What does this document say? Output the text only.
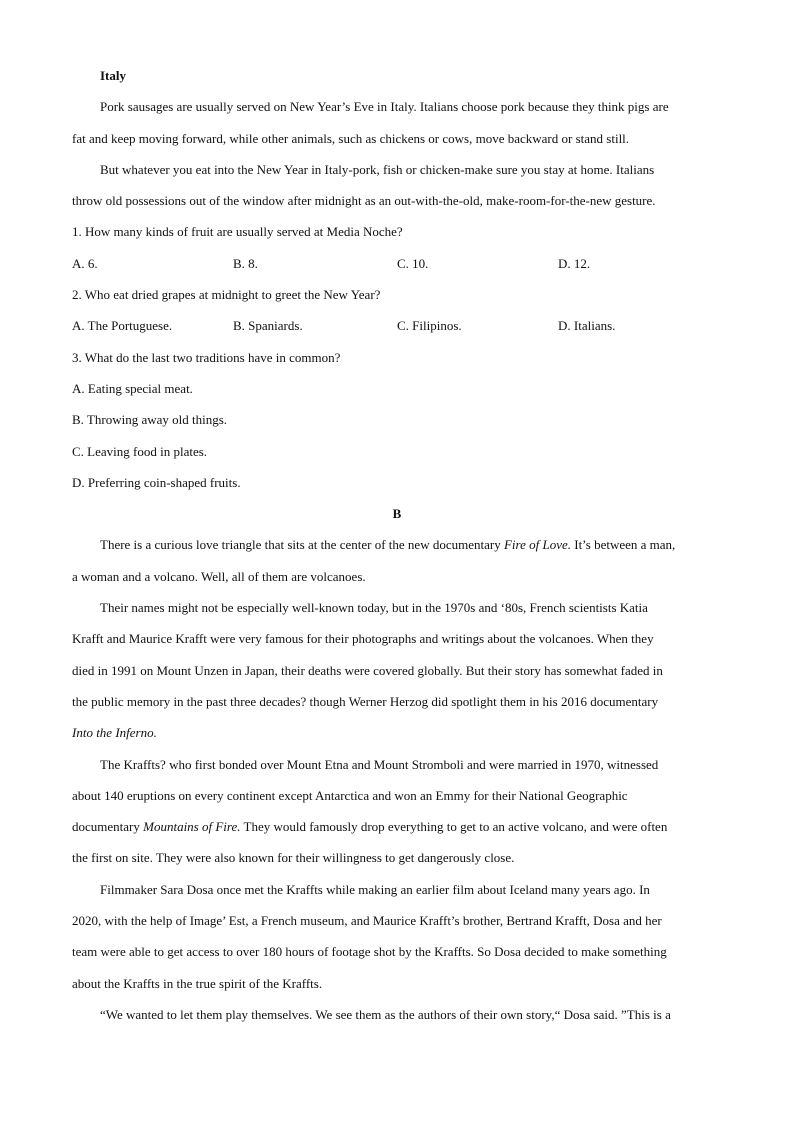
Italy
Pork sausages are usually served on New Year’s Eve in Italy. Italians choose pork because they think pigs are
fat and keep moving forward, while other animals, such as chickens or cows, move backward or stand still.
But whatever you eat into the New Year in Italy-pork, fish or chicken-make sure you stay at home. Italians
throw old possessions out of the window after midnight as an out-with-the-old, make-room-for-the-new gesture.
1. How many kinds of fruit are usually served at Media Noche?
A. 6.	B. 8.	C. 10.	D. 12.
2. Who eat dried grapes at midnight to greet the New Year?
A. The Portuguese.	B. Spaniards.	C. Filipinos.	D. Italians.
3. What do the last two traditions have in common?
A. Eating special meat.
B. Throwing away old things.
C. Leaving food in plates.
D. Preferring coin-shaped fruits.
B
There is a curious love triangle that sits at the center of the new documentary Fire of Love. It’s between a man,
a woman and a volcano. Well, all of them are volcanoes.
Their names might not be especially well-known today, but in the 1970s and ‘80s, French scientists Katia
Krafft and Maurice Krafft were very famous for their photographs and writings about the volcanoes. When they
died in 1991 on Mount Unzen in Japan, their deaths were covered globally. But their story has somewhat faded in
the public memory in the past three decades? though Werner Herzog did spotlight them in his 2016 documentary
Into the Inferno.
The Kraffts? who first bonded over Mount Etna and Mount Stromboli and were married in 1970, witnessed
about 140 eruptions on every continent except Antarctica and won an Emmy for their National Geographic
documentary Mountains of Fire. They would famously drop everything to get to an active volcano, and were often
the first on site. They were also known for their willingness to get dangerously close.
Filmmaker Sara Dosa once met the Kraffts while making an earlier film about Iceland many years ago. In
2020, with the help of Image’ Est, a French museum, and Maurice Krafft’s brother, Bertrand Krafft, Dosa and her
team were able to get access to over 180 hours of footage shot by the Kraffts. So Dosa decided to make something
about the Kraffts in the true spirit of the Kraffts.
“We wanted to let them play themselves. We see them as the authors of their own story,“ Dosa said. ”This is a
